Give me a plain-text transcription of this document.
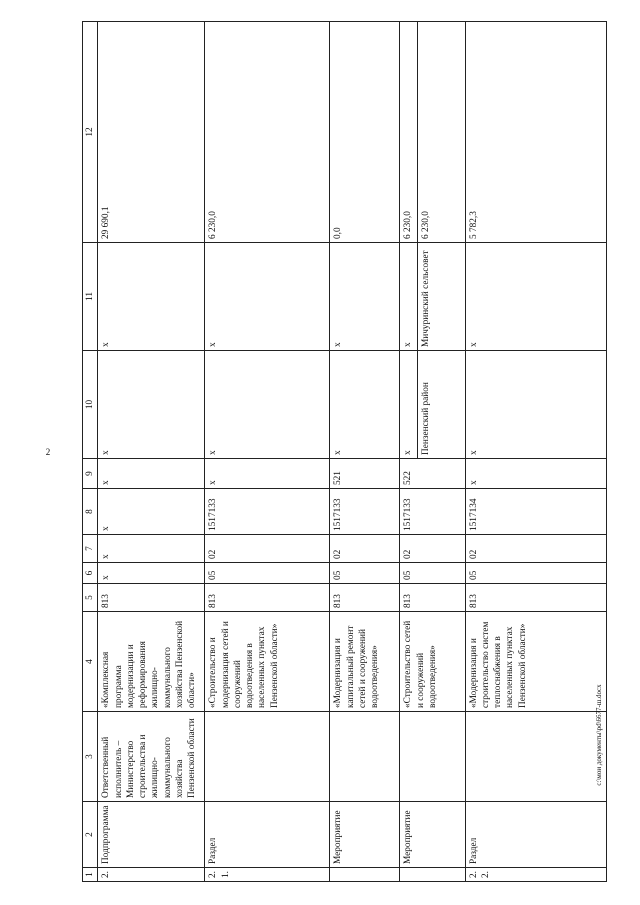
2
1	2	3	4	5	6	7	8	9	10	11	12
2.	Подпрограмма	Ответственный исполнитель – Министерство строительства и жилищно-коммунального хозяйства Пензенской области	«Комплексная программа модернизации и реформирования жилищно-коммунального хозяйства Пензенской области»	813	x	x	x	x	x	x	29 690,1
2.1.	Раздел		«Строительство и модернизация сетей и сооружений водоотведения в населенных пунктах Пензенской области»	813	05	02	1517133	x	x	x	6 230,0
	Мероприятие		«Модернизация и капитальный ремонт сетей и сооружений водоотведения»	813	05	02	1517133	521	x	x	0,0
	Мероприятие		«Строительство сетей и сооружений водоотведения»	813	05	02	1517133	522	x	x	6 230,0
									Пензенский район	Мичуринский сельсовет	6 230,0
2.2.	Раздел		«Модернизация и строительство систем теплоснабжения в населенных пунктах Пензенской области»	813	05	02	1517134	x	x	x	5 782,3
c:\мои документы\pd\6677-ш.docx
